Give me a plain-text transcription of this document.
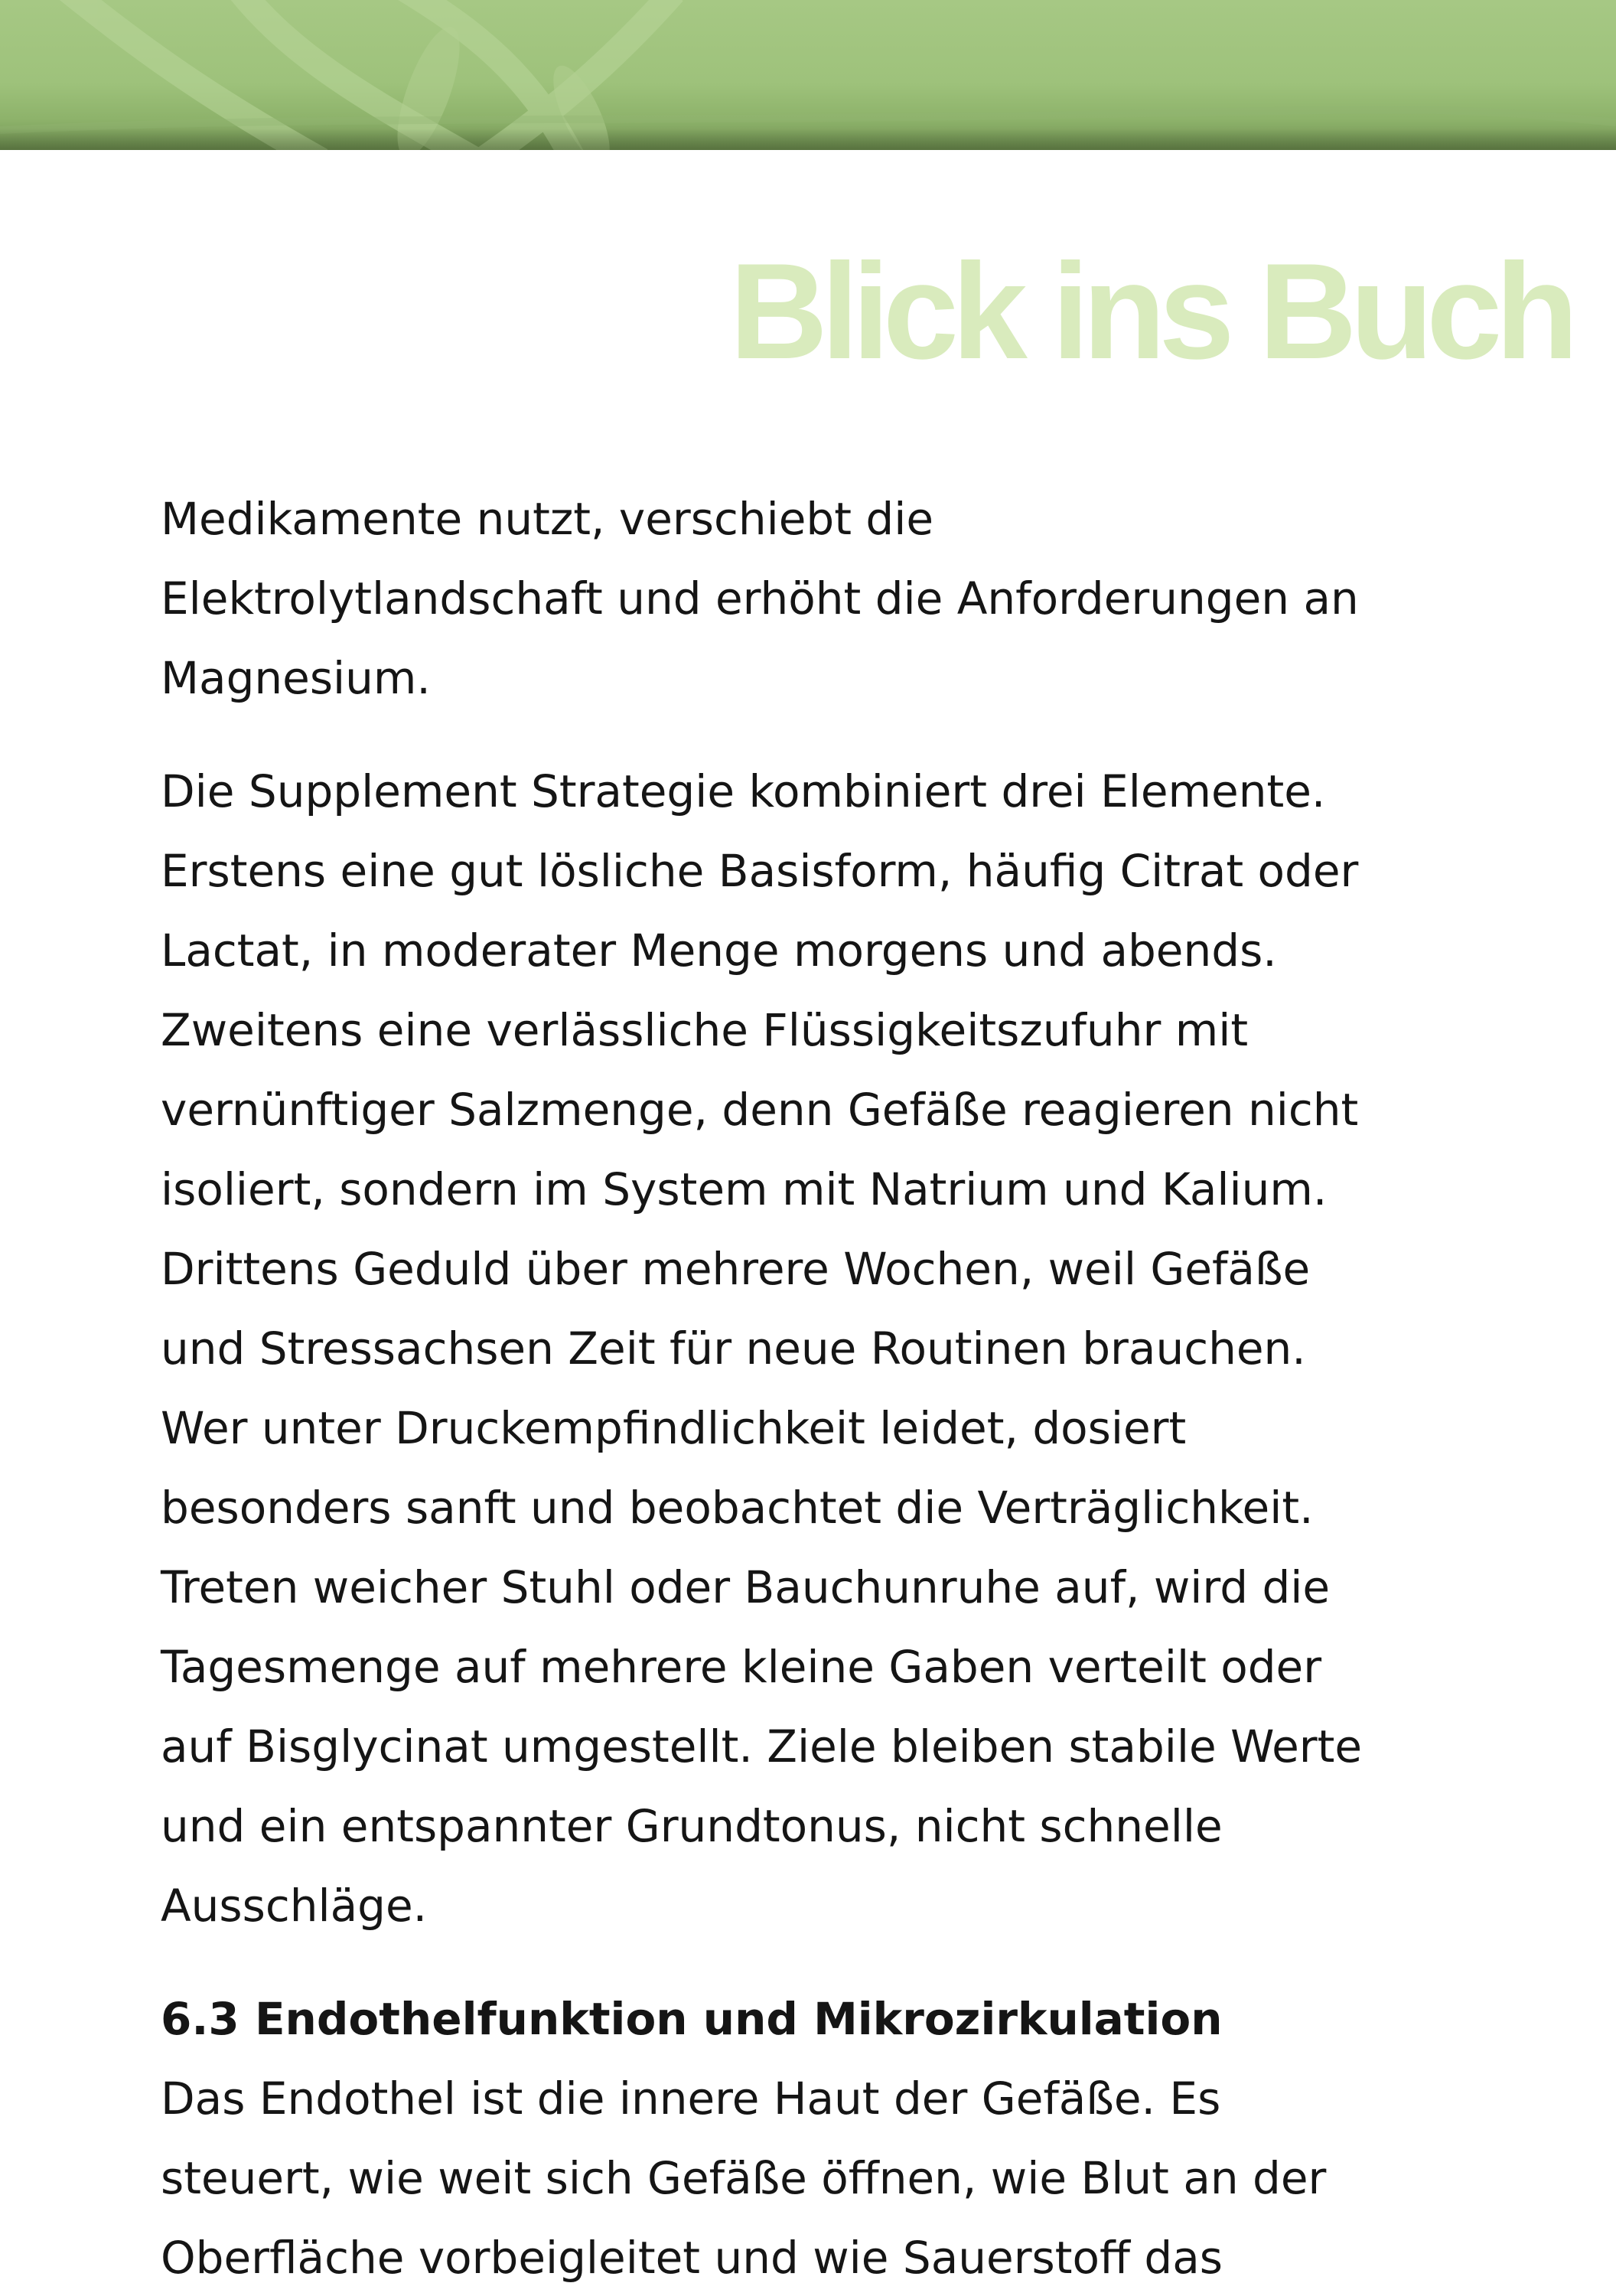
Blick ins Buch

Medikamente nutzt, verschiebt die

Elektrolytlandschaft und erhöht die Anforderungen an

Magnesium.

Die Supplement Strategie kombiniert drei Elemente.

Erstens eine gut lösliche Basisform, häufig Citrat oder

Lactat, in moderater Menge morgens und abends.

Zweitens eine verlässliche Flüssigkeitszufuhr mit

vernünftiger Salzmenge, denn Gefäße reagieren nicht

isoliert, sondern im System mit Natrium und Kalium.

Drittens Geduld über mehrere Wochen, weil Gefäße

und Stressachsen Zeit für neue Routinen brauchen.

Wer unter Druckempfindlichkeit leidet, dosiert

besonders sanft und beobachtet die Verträglichkeit.

Treten weicher Stuhl oder Bauchunruhe auf, wird die

Tagesmenge auf mehrere kleine Gaben verteilt oder

auf Bisglycinat umgestellt. Ziele bleiben stabile Werte

und ein entspannter Grundtonus, nicht schnelle

Ausschläge.

6.3 Endothelfunktion und Mikrozirkulation

Das Endothel ist die innere Haut der Gefäße. Es

steuert, wie weit sich Gefäße öffnen, wie Blut an der

Oberfläche vorbeigleitet und wie Sauerstoff das
